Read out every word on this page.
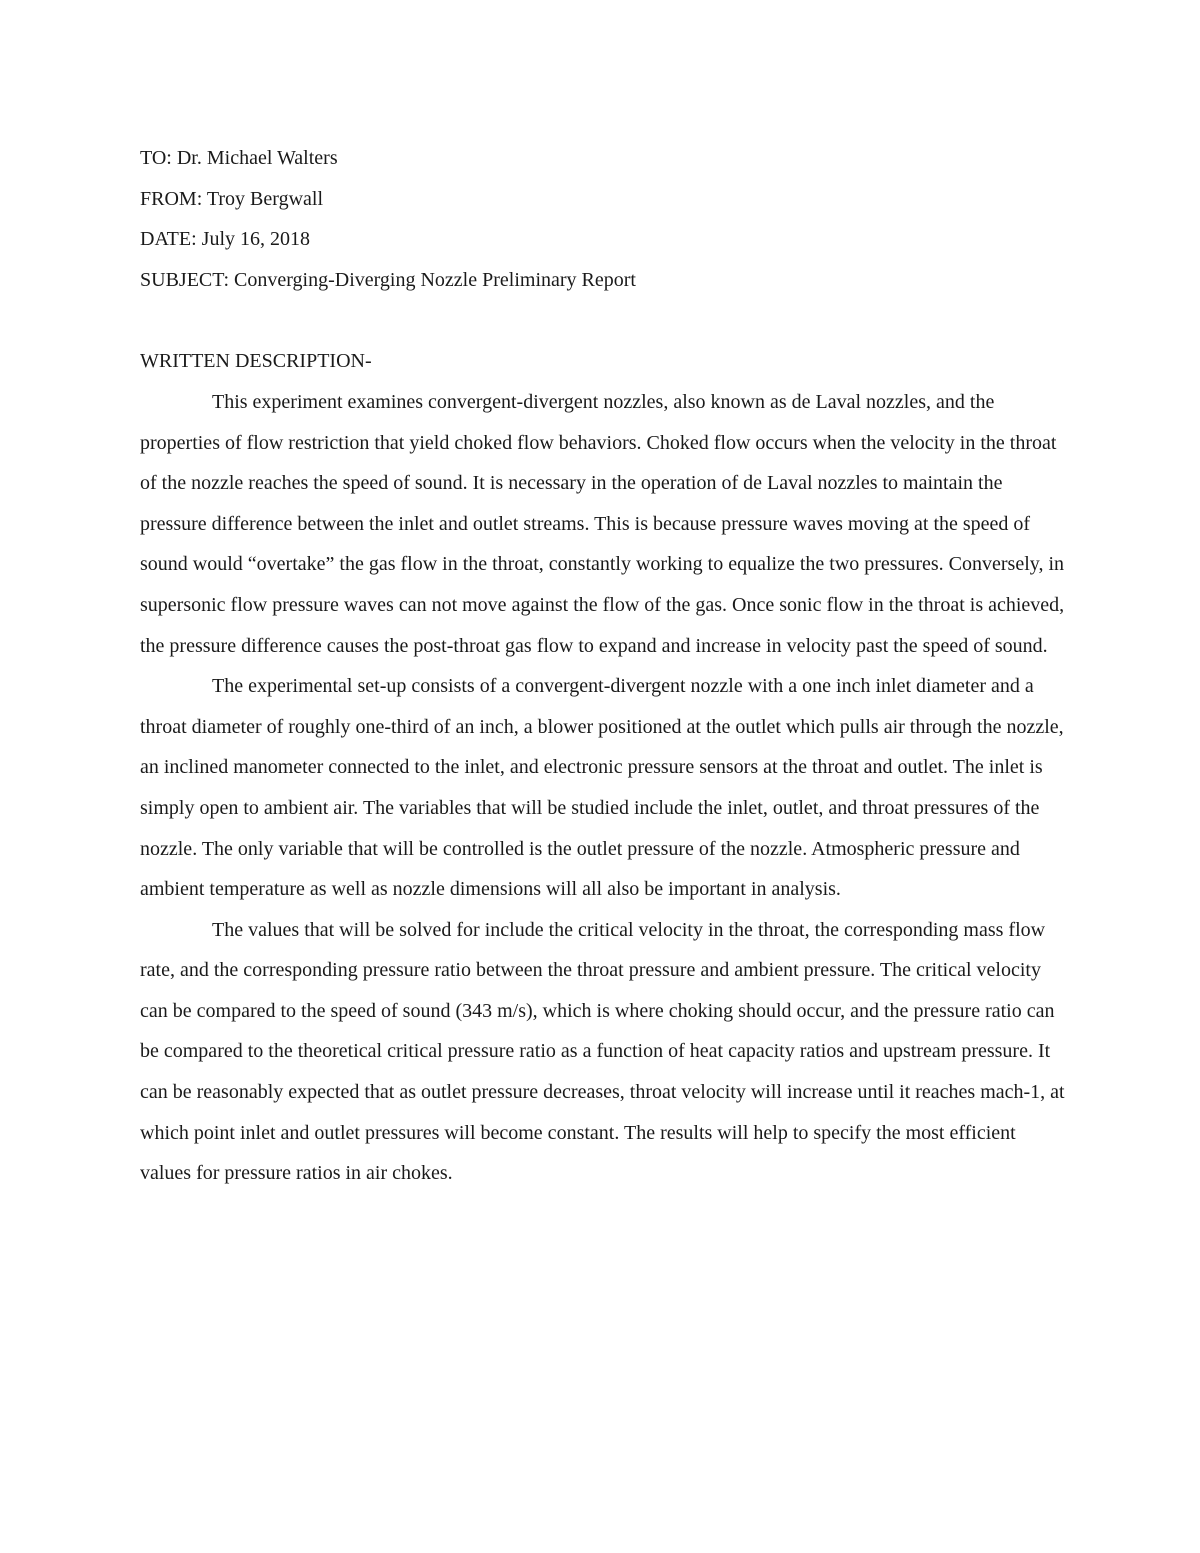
TO: Dr. Michael Walters

FROM: Troy Bergwall

DATE: July 16, 2018

SUBJECT: Converging-Diverging Nozzle Preliminary Report

WRITTEN DESCRIPTION-

This experiment examines convergent-divergent nozzles, also known as de Laval nozzles, and the properties of flow restriction that yield choked flow behaviors. Choked flow occurs when the velocity in the throat of the nozzle reaches the speed of sound. It is necessary in the operation of de Laval nozzles to maintain the pressure difference between the inlet and outlet streams. This is because pressure waves moving at the speed of sound would “overtake” the gas flow in the throat, constantly working to equalize the two pressures. Conversely, in supersonic flow pressure waves can not move against the flow of the gas. Once sonic flow in the throat is achieved, the pressure difference causes the post-throat gas flow to expand and increase in velocity past the speed of sound.

The experimental set-up consists of a convergent-divergent nozzle with a one inch inlet diameter and a throat diameter of roughly one-third of an inch, a blower positioned at the outlet which pulls air through the nozzle, an inclined manometer connected to the inlet, and electronic pressure sensors at the throat and outlet. The inlet is simply open to ambient air. The variables that will be studied include the inlet, outlet, and throat pressures of the nozzle. The only variable that will be controlled is the outlet pressure of the nozzle. Atmospheric pressure and ambient temperature as well as nozzle dimensions will all also be important in analysis.

The values that will be solved for include the critical velocity in the throat, the corresponding mass flow rate, and the corresponding pressure ratio between the throat pressure and ambient pressure. The critical velocity can be compared to the speed of sound (343 m/s), which is where choking should occur, and the pressure ratio can be compared to the theoretical critical pressure ratio as a function of heat capacity ratios and upstream pressure. It can be reasonably expected that as outlet pressure decreases, throat velocity will increase until it reaches mach-1, at which point inlet and outlet pressures will become constant. The results will help to specify the most efficient values for pressure ratios in air chokes.
